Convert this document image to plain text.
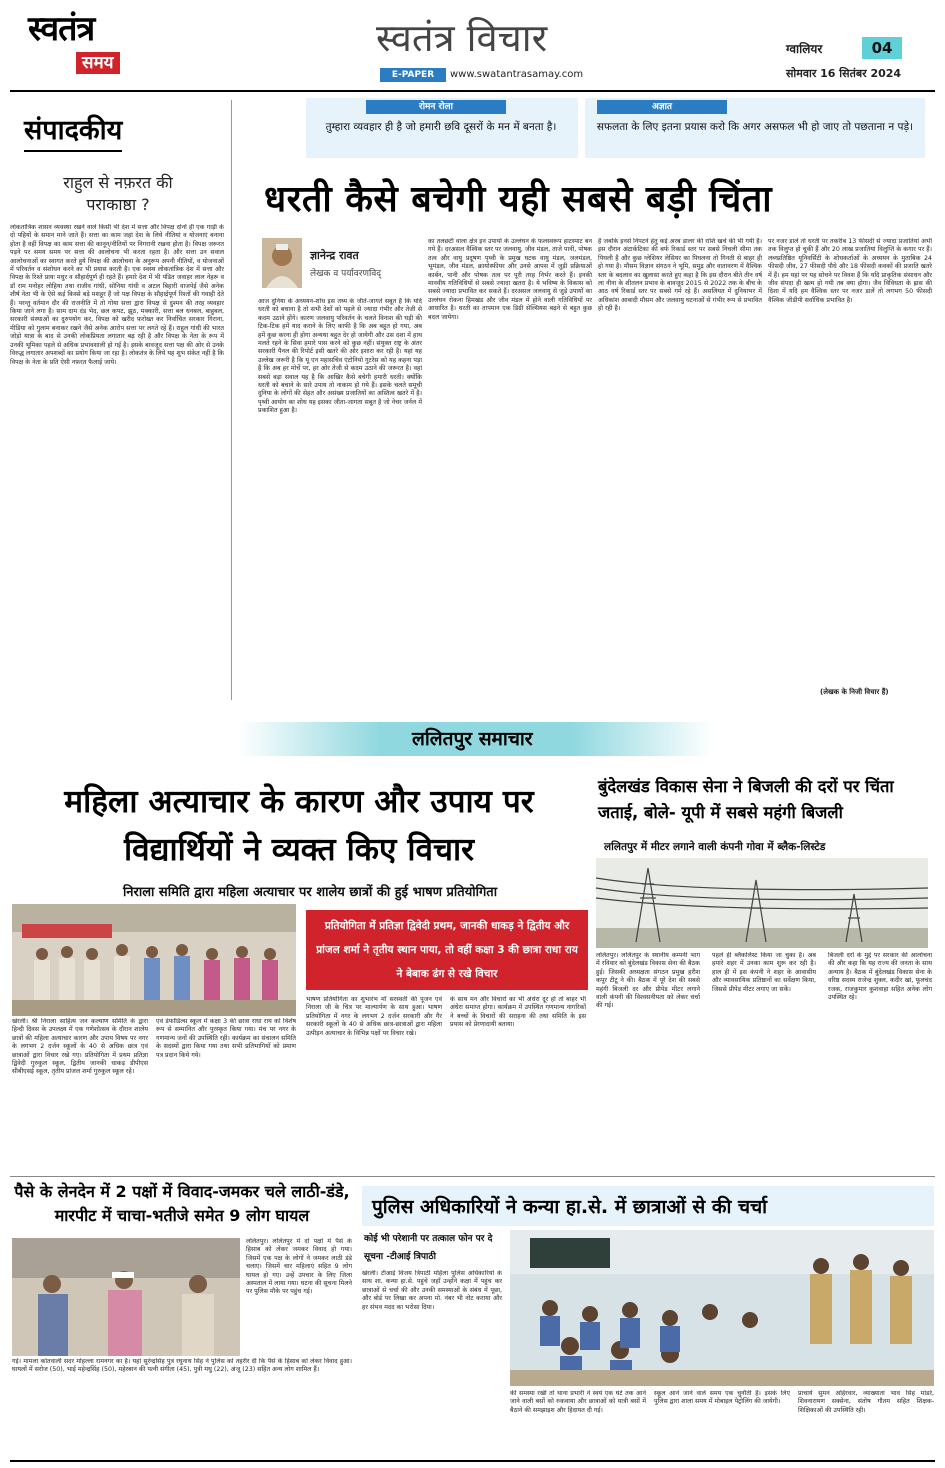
स्वतंत्र
समय
स्वतंत्र विचार
E-PAPER	www.swatantrasamay.com
ग्वालियर	04
सोमवार 16 सितंबर 2024
रोमन रोला
तुम्हारा व्यवहार ही है जो हमारी छवि दूसरों के मन में बनता है।
अज्ञात
सफलता के लिए इतना प्रयास करो कि अगर असफल भी हो जाए तो पछताना न पड़े।
संपादकीय
राहुल से नफ़रत की पराकाष्ठा ?
लोकतांत्रिक शासन व्यवस्था रखने वाले किसी भी देश में सत्ता और विपक्ष दोनों ही एक गाड़ी के दो पहियों के समान माने जाते हैं। सत्ता का काम जहां देश के लिये नीतियां व योजनाएं बनाना होता है वहीं विपक्ष का काम सत्ता की कानून/नीतियों पर निगरानी रखना होता है। विपक्ष जरूरत पड़ने पर समय समय पर सत्ता की आलोचना भी करता रहता है। और सत्ता उन सवाल आलोचनाओं का स्वागत करते हुये विपक्ष की आलोचना के अनुरूप अपनी नीतियों, व योजनाओं में परिवर्तन व संशोधन करने का भी प्रयास करती है। एक स्वस्थ लोकतांत्रिक देश में सत्ता और विपक्ष के रिश्ते प्रायः मधुर व सौहार्दपूर्ण ही रहते हैं। हमारे देश में भी पंडित जवाहर लाल नेहरू व डॉ राम मनोहर लोहिया तथा राजीव गांधी, सोनिया गांधी व अटल बिहारी वाजपेई जैसे अनेक शीर्ष नेता भी के ऐसे कई किस्से बड़े मशहूर हैं जो पक्ष विपक्ष के सौहार्द्रपूर्ण रिश्तों की गवाही देते हैं। परन्तु वर्तमान दौर की राजनीति में तो गोया सत्ता द्वारा विपक्ष से दुश्मन की तरह व्यवहार किया जाने लगा है। साम दाम दंड भेद, छल कपट, झूठ, मक्कारी, सत्ता बल धनबल, बाहुबल, सरकारी संस्थाओं का दुरुपयोग कर, विपक्ष को खरीद फ़रोख्त कर निर्वाचित सरकार गिराना, मीडिया को गुलाम बनाकर रखने जैसे अनेक आरोप सत्ता पर लगते रहे हैं। राहुल गांधी की भारत जोड़ो यात्रा के बाद से उनकी लोकप्रियता लगातार बढ़ रही है और विपक्ष के नेता के रूप में उनकी भूमिका पहले से अधिक प्रभावशाली हो गई है। इसके बावजूद सत्ता पक्ष की ओर से उनके विरुद्ध लगातार अपशब्दों का प्रयोग किया जा रहा है। लोकतंत्र के लिये यह शुभ संकेत नहीं है कि विपक्ष के नेता के प्रति ऐसी नफ़रत फैलाई जाये।
धरती कैसे बचेगी यही सबसे बड़ी चिंता
ज्ञानेन्द्र रावत
लेखक व पर्यावरणविद्
आज दुनिया के अध्ययन-शोध इस तथ्य के जीते-जागते सबूत हैं कि यदि धरती को बचाना है तो सभी देशों को पहले से ज्यादा गंभीर और तेजी से कदम उठाने होंगे। कारण जलवायु परिवर्तन के चलते विनाश की घड़ी की टिक-टिक हमें याद कराने के लिए काफी है कि अब बहुत हो गया, अब हमें कुछ करना ही होगा अन्यथा बहुत देर हो जायेगी और उस दशा में हाथ मलते रहने के सिवा हमारे पास करने को कुछ नहीं। संयुक्त राष्ट्र के अंतर सरकारी पैनल की रिपोर्ट इसी खतरे की ओर इशारा कर रही है। यहां यह उल्लेख जरूरी है कि यू एन महासचिव एंटोनियो गुटरेस को यह कहना पड़ा है कि अब हर मोर्चे पर, हर ओर तेजी से कदम उठाने की जरूरत है। वहां सबसे बड़ा सवाल यह है कि आखिर कैसे बचेगी हमारी धरती। क्योंकि धरती को बचाने के सारे उपाय तो नाकाम हो गये हैं। इसके चलते समूची दुनिया के लोगों की सेहत और असंख्य प्रजातियों का अस्तित्व खतरे में है। पृथ्वी आयोग का शोध यह इसका जीता-जागता सबूत है जो नेचर जर्नल में प्रकाशित हुआ है।
का तलछटी वाला क्षेत्र इन उपायों के उल्लंघन के फलस्वरूप हाटस्पाट बन गये हैं। दरअसल वैश्विक स्तर पर जलवायु, जीव मंडल, ताजे पानी, पोषक तत्व और वायु प्रदूषण पृथ्वी के प्रमुख घटक वायु मंडल, जलमंडल, भूमंडल, जीव मंडल, क्रायोस्फीयर और उनसे आपस में जुड़ी प्रक्रियाओं कार्बन, पानी और पोषक तत्व पर पूरी तरह निर्भर करते हैं। इनकी मानवीय गतिविधियों से सबसे ज्यादा खतरा है। ये भविष्य के विकास को सबसे ज्यादा प्रभावित कर सकते हैं। दरअसल जलवायु से जुड़े उपायों का उल्लंघन रोकना हिमखंड और जीव मंडल में होने वाली गतिविधियों पर आधारित है। धरती का तापमान एक डिग्री सेल्सियस बढ़ने से बहुत कुछ बदल जायेगा।
है जबकि इनसे निपटने हेतु कई अरब डालर की राशि खर्च की भी गयी है। इस दौरान अंटार्कटिका की बर्फ रिकार्ड स्तर पर सबसे निचली सीमा तक पिघली है और कुछ ग्लेशियर लेसियर का पिघलना तो गिनती से बाहर ही हो गया है। मौसम विज्ञान संगठन ने भूमि, समुद्र और वातावरण में वैश्विक स्तर के बदलाव का खुलासा करते हुए कहा है कि इस दौरान बीते तीन वर्ष ला नीना के शीतलन प्रभाव के बावजूद 2015 से 2022 तक के बीच के आठ वर्ष रिकार्ड स्तर पर सबसे गर्म रहे हैं। असलियत में दुनियाभर में अधिकांश आबादी मौसम और जलवायु घटनाओं से गंभीर रूप से प्रभावित हो रही है।
पर नजर डालें तो धरती पर तकरीब 13 फीसदी से ज्यादा प्रजातियां अभी तक विलुप्त हो चुकी हैं और 20 लाख प्रजातियां विलुप्ति के कगार पर हैं। लब्ध्प्रतिष्ठित यूनिवर्सिटी के शोधकर्ताओं के अध्ययन के मुताबिक 24 फीसदी जीव, 27 फीसदी पौधे और 18 फीसदी कवकों की प्रजाति खतरे में हैं। हम यहां पर यह सोचने पर विवश हैं कि यदि प्राकृतिक संसाधन और जीव संपदा ही खत्म हो गयी तब क्या होगा। जैव विविधता के ह्रास की दिशा में यदि हम वैश्विक स्तर पर नजर डालें तो लगभग 50 फीसदी वैश्विक जीडीपी सर्वाधिक प्रभावित है।
(लेखक के निजी विचार हैं)
ललितपुर समाचार
महिला अत्याचार के कारण और उपाय पर विद्यार्थियों ने व्यक्त किए विचार
निराला समिति द्वारा महिला अत्याचार पर शालेय छात्रों की हुई भाषण प्रतियोगिता
प्रतियोगिता में प्रतिज्ञा द्विवेदी प्रथम, जानकी धाकड़ ने द्वितीय और प्रांजल शर्मा ने तृतीय स्थान पाया, तो वहीं कक्षा 3 की छात्रा राधा राय ने बेबाक ढंग से रखे विचार
खेरली। श्री निराला साहित्य जन कल्याण समिति के द्वारा हिन्दी दिवस के उपलक्ष्य में एक गणेशोत्सव के दौरान शालेय छात्रों की महिला अत्याचार कारण और उपाय विषय पर नगर के लगभग 2 दर्जन स्कूलों के 40 से अधिक छात्र एवं छात्राओं द्वारा विचार रखे गए। प्रतियोगिता में प्रथम प्रतिज्ञा द्विवेदी गुरुकुल स्कूल, द्वितीय जानकी धाकड़ डीपीएस सीबीएसई स्कूल, तृतीय प्रांजल शर्मा गुरुकुल स्कूल रहे।
एवं डेफोडिल्स स्कूल में कक्षा 3 की छात्रा राधा राय को विशेष रूप से सम्मानित और पुरस्कृत किया गया। मंच पर नगर के गणमान्य जनों की उपस्थिति रही। कार्यक्रम का संचालन समिति के सदस्यों द्वारा किया गया तथा सभी प्रतिभागियों को प्रमाण पत्र प्रदान किये गये।
भाषण प्रतियोगिता का शुभारंभ माँ सरस्वती की पूजन एवं निराला जी के चित्र पर माल्यार्पण के साथ हुआ। भाषण प्रतियोगिता में नगर के लगभग 2 दर्जन सरकारी और गैर सरकारी स्कूलों के 40 से अधिक छात्र-छात्राओं द्वारा महिला उत्पीड़न अत्याचार के विभिन्न पक्षों पर विचार रखे।
के साथ मन और विचारों का भी अंधेरा दूर हो तो बाहर भी अंधेरा समाप्त होगा। कार्यक्रम में उपस्थित गणमान्य नागरिकों ने बच्चों के विचारों की सराहना की तथा समिति के इस प्रयास को प्रेरणादायी बताया।
बुंदेलखंड विकास सेना ने बिजली की दरों पर चिंता जताई, बोले- यूपी में सबसे महंगी बिजली
ललितपुर में मीटर लगाने वाली कंपनी गोवा में ब्लैक-लिस्टेड
ललितपुर। ललितपुर के स्थानीय कम्पनी भाग में रविवार को बुंदेलखंड विकास सेना की बैठक हुई। जिसकी अध्यक्षता संगठन प्रमुख हरीश कपूर टीटू ने की। बैठक में पूरे देश की सबसे महंगी बिजली दर और प्रीपेड मीटर लगाने वाली कंपनी की विश्वसनीयता को लेकर चर्चा की गई।
पहले ही ब्लैकलिस्ट किया जा चुका है। अब हमारे शहर में उनका काम शुरू कर रही है। हाल ही में इस कंपनी ने शहर के आवासीय और व्यावसायिक प्रतिष्ठानों का सर्वेक्षण किया, जिससे प्रीपेड मीटर लगाए जा सकें।
बिजली दरों के मुद्दे पर सरकार की आलोचना की और कहा कि यह राज्य की जनता के साथ अन्याय है। बैठक में बुंदेलखंड विकास सेना के वरिष्ठ सदस्य राजेन्द्र शुक्ल, कदीर खां, फूलचंद रजक, राजकुमार कुशवाहा सहित अनेक लोग उपस्थित रहे।
पैसे के लेनदेन में 2 पक्षों में विवाद-जमकर चले लाठी-डंडे, मारपीट में चाचा-भतीजे समेत 9 लोग घायल
ललितपुर। ललितपुर में दो पक्षों में पैसे के हिसाब को लेकर जमकर विवाद हो गया। जिसमें एक पक्ष के लोगों ने जमकर लाठी डंडे चलाए। जिसमें चार महिलाएं सहित 9 लोग घायल हो गए। उन्हें उपचार के लिए जिला अस्पताल में लाया गया। घटना की सूचना मिलने पर पुलिस मौके पर पहुंच गई।
गई। मामला कोतवाली सदर मोहल्ला रामनगर का है। यहां सुरेन्द्रसिंह पुत्र रघुनाथ सिंह ने पुलिस को तहरीर दी कि पैसे के हिसाब को लेकर विवाद हुआ। घायलों में सरोज (50), भाई महेन्द्रसिंह (50), महेरबान की पत्नी संगीता (45), पुत्री मधु (22), अंजू (23) सहित अन्य लोग शामिल हैं।
पुलिस अधिकारियों ने कन्या हा.से. में छात्राओं से की चर्चा
कोई भी परेशानी पर तत्काल फोन पर दे सूचना -टीआई त्रिपाठी
खेरली। टीआई विजय त्रिपाठी महिला पुलिस अधिकारियों के साथ शा. कन्या हा.से. पहुंचे जहाँ उन्होंने कक्षा में पहुंच कर छात्राओं से चर्चा की और उनकी समस्याओं के संबंध में पूछा, और बोर्ड पर लिखा कर अपना मो. नंबर भी नोट कराया और हर संभव मदद का भरोसा दिया।
की समस्या रखी तो थाना प्रभारी ने स्वयं एक घंटे तक आने जाने वाली बसों को रुकवाया और छात्राओं को यात्री बसों में बैठाने की समझाइश और हिदायत दी गई।
स्कूल आने जाने वाले समय एक चुनौती है। इसके लिए पुलिस द्वारा शाला समय में मोबाइल पेट्रोलिंग की जायेगी।
प्राचार्य सुमन अहिरवार, व्याख्याता भाव सिंह मांडरे, शिवनारायण सक्सेना, संतोष गौतम सहित शिक्षक-शिक्षिकाओं की उपस्थिति रही।
